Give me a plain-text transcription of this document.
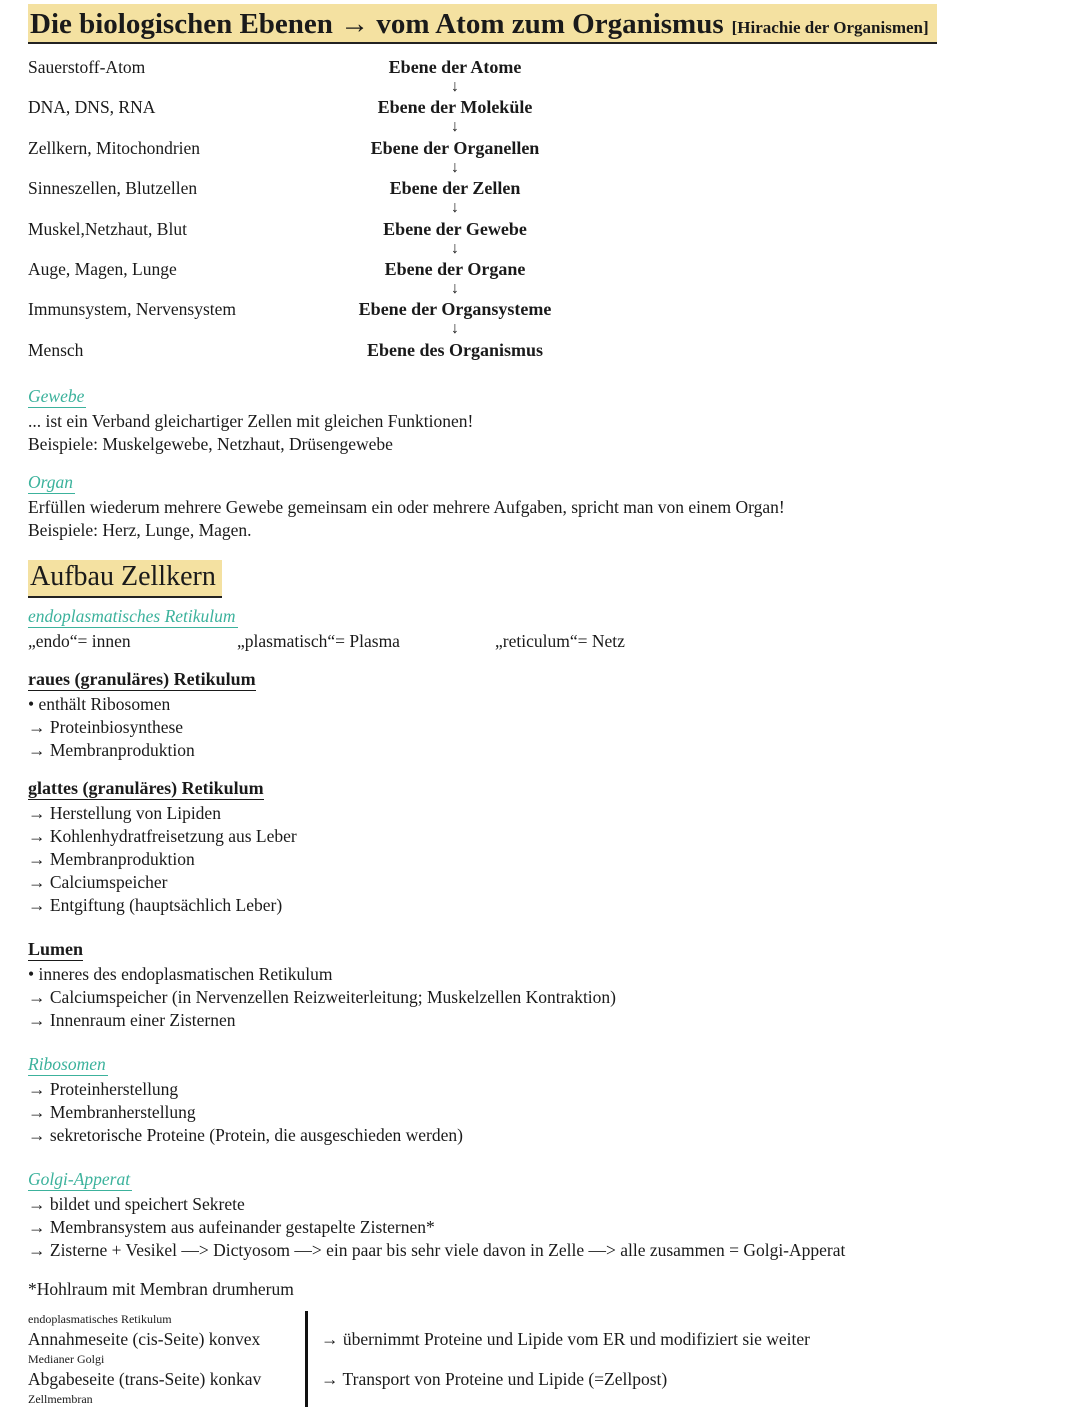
Die biologischen Ebenen → vom Atom zum Organismus [Hirachie der Organismen]
Sauerstoff-Atom	Ebene der Atome
↓
DNA, DNS, RNA	Ebene der Moleküle
↓
Zellkern, Mitochondrien	Ebene der Organellen
↓
Sinneszellen, Blutzellen	Ebene der Zellen
↓
Muskel,Netzhaut, Blut	Ebene der Gewebe
↓
Auge, Magen, Lunge	Ebene der Organe
↓
Immunsystem, Nervensystem	Ebene der Organsysteme
↓
Mensch	Ebene des Organismus

Gewebe

... ist ein Verband gleichartiger Zellen mit gleichen Funktionen!

Beispiele: Muskelgewebe, Netzhaut, Drüsengewebe

Organ

Erfüllen wiederum mehrere Gewebe gemeinsam ein oder mehrere Aufgaben, spricht man von einem Organ!

Beispiele: Herz, Lunge, Magen.

Aufbau Zellkern

endoplasmatisches Retikulum

„endo“= innen	„plasmatisch“= Plasma	„reticulum“= Netz

raues (granuläres) Retikulum

• enthält Ribosomen

→ Proteinbiosynthese

→ Membranproduktion

glattes (granuläres) Retikulum

→ Herstellung von Lipiden

→ Kohlenhydratfreisetzung aus Leber

→ Membranproduktion

→ Calciumspeicher

→ Entgiftung (hauptsächlich Leber)

Lumen

• inneres des endoplasmatischen Retikulum

→ Calciumspeicher (in Nervenzellen Reizweiterleitung; Muskelzellen Kontraktion)

→ Innenraum einer Zisternen

Ribosomen

→ Proteinherstellung

→ Membranherstellung

→ sekretorische Proteine (Protein, die ausgeschieden werden)

Golgi-Apperat

→ bildet und speichert Sekrete

→ Membransystem aus aufeinander gestapelte Zisternen*

→ Zisterne + Vesikel —> Dictyosom —> ein paar bis sehr viele davon in Zelle —> alle zusammen = Golgi-Apperat

*Hohlraum mit Membran drumherum

endoplasmatisches Retikulum

Annahmeseite (cis-Seite) konvex

Medianer Golgi

Abgabeseite (trans-Seite) konkav

Zellmembran

→ übernimmt Proteine und Lipide vom ER und modifiziert sie weiter

→ Transport von Proteine und Lipide (=Zellpost)
